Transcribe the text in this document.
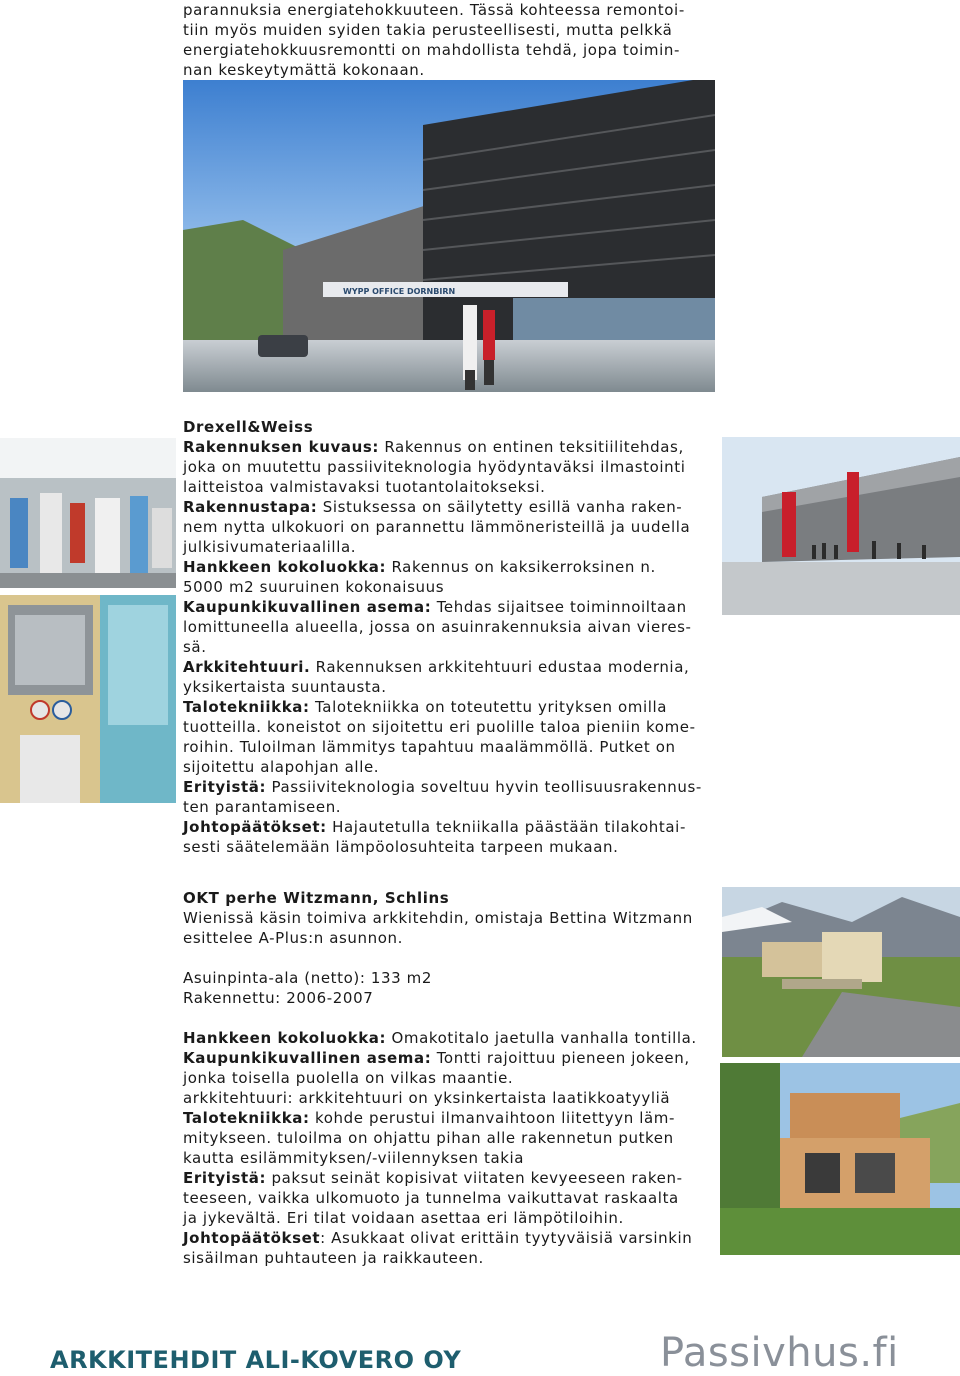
parannuksia energiatehokkuuteen. Tässä kohteessa remontoi-
tiin myös muiden syiden takia perusteellisesti, mutta pelkkä
energiatehokkuusremontti on mahdollista tehdä, jopa toimin-
nan keskeytymättä kokonaan.
WYPP OFFICE DORNBIRN
Drexell&Weiss
Rakennuksen kuvaus: Rakennus on entinen teksitiilitehdas,
joka on muutettu passiiviteknologia hyödyntaväksi ilmastointi
laitteistoa valmistavaksi tuotantolaitokseksi.
Rakennustapa: Sistuksessa on säilytetty esillä vanha raken-
nem nytta ulkokuori on parannettu lämmöneristeillä ja uudella
julkisivumateriaalilla.
Hankkeen kokoluokka: Rakennus on kaksikerroksinen n.
5000 m2 suuruinen kokonaisuus
Kaupunkikuvallinen asema: Tehdas sijaitsee toiminnoiltaan
lomittuneella alueella, jossa on asuinrakennuksia aivan vieres-
sä.
Arkkitehtuuri. Rakennuksen arkkitehtuuri edustaa modernia,
yksikertaista suuntausta.
Talotekniikka: Talotekniikka on toteutettu yrityksen omilla
tuotteilla. koneistot on sijoitettu eri puolille taloa pieniin kome-
roihin. Tuloilman lämmitys tapahtuu maalämmöllä. Putket on
sijoitettu alapohjan alle.
Erityistä: Passiiviteknologia soveltuu hyvin teollisuusrakennus-
ten parantamiseen.
Johtopäätökset: Hajautetulla tekniikalla päästään tilakohtai-
sesti säätelemään lämpöolosuhteita tarpeen mukaan.
OKT perhe Witzmann, Schlins
Wienissä käsin toimiva arkkitehdin, omistaja Bettina Witzmann
esittelee A-Plus:n asunnon.

Asuinpinta-ala (netto): 133 m2
Rakennettu: 2006-2007

Hankkeen kokoluokka: Omakotitalo jaetulla vanhalla tontilla.
Kaupunkikuvallinen asema: Tontti rajoittuu pieneen jokeen,
jonka toisella puolella on vilkas maantie.
arkkitehtuuri: arkkitehtuuri on yksinkertaista laatikkoatyyliä
Talotekniikka: kohde perustui ilmanvaihtoon liitettyyn läm-
mitykseen. tuloilma on ohjattu pihan alle rakennetun putken
kautta esilämmityksen/-viilennyksen takia
Erityistä: paksut seinät kopisivat viitaten kevyeeseen raken-
teeseen, vaikka ulkomuoto ja tunnelma vaikuttavat raskaalta
ja jykevältä. Eri tilat voidaan asettaa eri lämpötiloihin.
Johtopäätökset: Asukkaat olivat erittäin tyytyväisiä varsinkin
sisäilman puhtauteen ja raikkauteen.
ARKKITEHDIT ALI-KOVERO OY	Passivhus.fi
